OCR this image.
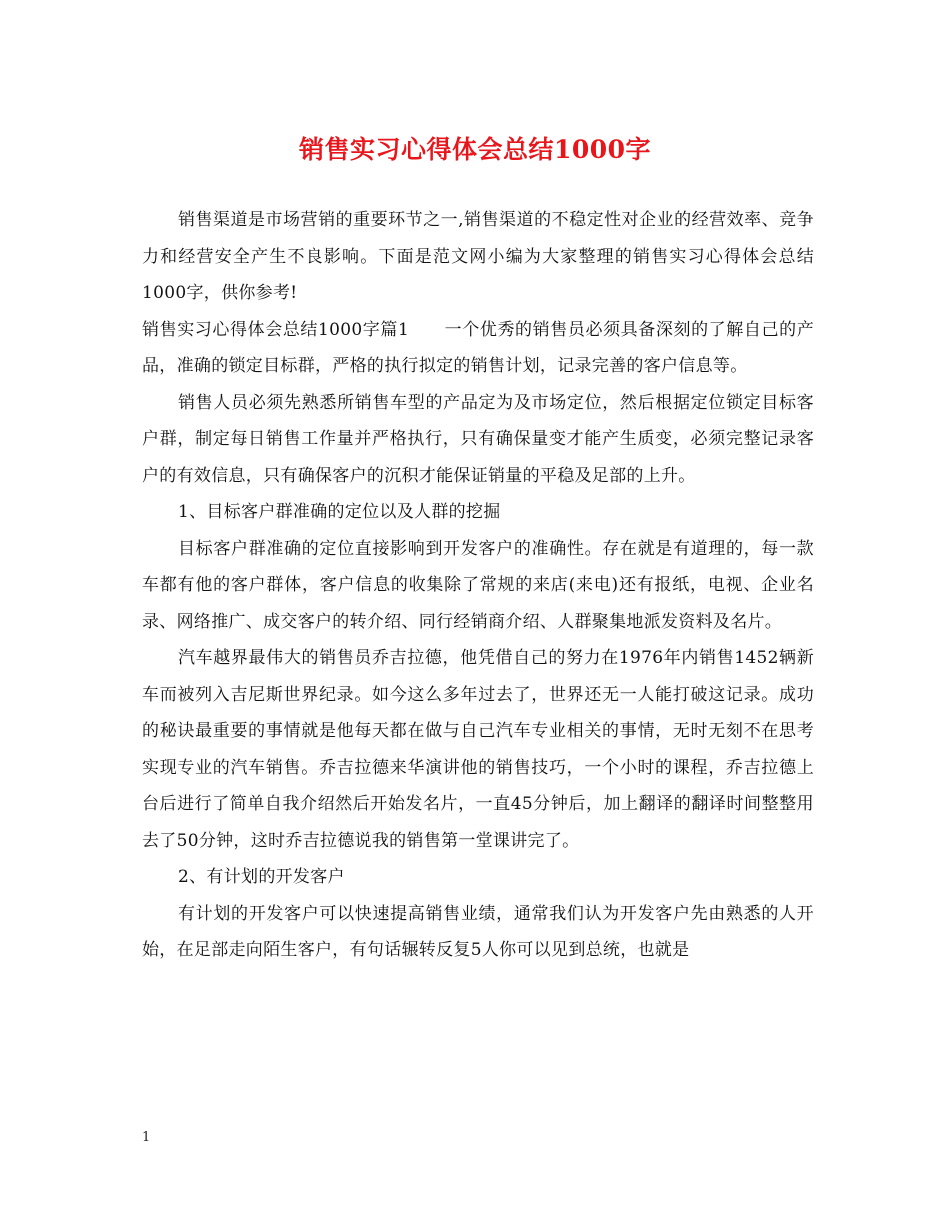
销售实习心得体会总结1000字

销售渠道是市场营销的重要环节之一,销售渠道的不稳定性对企业的经营效率、竞争力和经营安全产生不良影响。下面是范文网小编为大家整理的销售实习心得体会总结1000字，供你参考!

销售实习心得体会总结1000字篇1　　一个优秀的销售员必须具备深刻的了解自己的产品，准确的锁定目标群，严格的执行拟定的销售计划，记录完善的客户信息等。

销售人员必须先熟悉所销售车型的产品定为及市场定位，然后根据定位锁定目标客户群，制定每日销售工作量并严格执行，只有确保量变才能产生质变，必须完整记录客户的有效信息，只有确保客户的沉积才能保证销量的平稳及足部的上升。

1、目标客户群准确的定位以及人群的挖掘

目标客户群准确的定位直接影响到开发客户的准确性。存在就是有道理的，每一款车都有他的客户群体，客户信息的收集除了常规的来店(来电)还有报纸，电视、企业名录、网络推广、成交客户的转介绍、同行经销商介绍、人群聚集地派发资料及名片。

汽车越界最伟大的销售员乔吉拉德，他凭借自己的努力在1976年内销售1452辆新车而被列入吉尼斯世界纪录。如今这么多年过去了，世界还无一人能打破这记录。成功的秘诀最重要的事情就是他每天都在做与自己汽车专业相关的事情，无时无刻不在思考实现专业的汽车销售。乔吉拉德来华演讲他的销售技巧，一个小时的课程，乔吉拉德上台后进行了简单自我介绍然后开始发名片，一直45分钟后，加上翻译的翻译时间整整用去了50分钟，这时乔吉拉德说我的销售第一堂课讲完了。

2、有计划的开发客户

有计划的开发客户可以快速提高销售业绩，通常我们认为开发客户先由熟悉的人开始，在足部走向陌生客户，有句话辗转反复5人你可以见到总统，也就是

1
